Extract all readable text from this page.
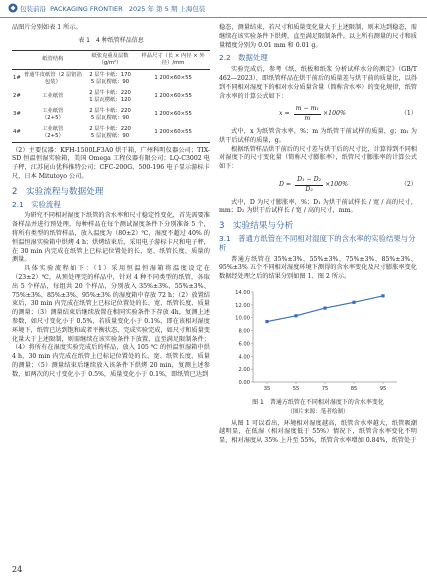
包装前沿 PACKAGING FRONTIER 2025 年 第 5 期 上海包装

品图片分别如表 1 所示。

表 1　4 种纸管样品信息
	纸管结构	纸张克重及层数（g/m²）	样品尺寸（长 × 内径 × 外径）/mm
1#	普通牛皮纸管（2 层铝箔包装）	2 层牛卡纸：170
5 层瓦楞纸：90	1 200×60×55
2#	工业纸管	2 层牛卡纸：220
1 层瓦楞纸：120	1 200×60×55
3#	工业纸管
（2+5）	2 层牛卡纸：220
5 层瓦楞纸：90	1 200×60×55
4#	工业纸管
（2+5）	2 层牛卡纸：220
5 层瓦楞纸：90	1 200×60×55

（2）主要仪器：KFH-1500LF3A0 烘干箱，广州科明仪器公司；TIX-SD 恒温恒湿实验箱，美国 Omega 工程仪器有限公司；LQ-C3002 电子秤，江苏昆山优科推特公司；CFC-200G、500-196 电子显示游标卡尺，日本 Mitutoyo 公司。

2　实验流程与数据处理
2.1　实验流程

为研究不同相对湿度下纸管的含水率和尺寸稳定性变化，首先需要准备样品并进行预处理，每种样品在每个测试湿度条件下分别准备 5 个，将所有类型的纸管样品，放入温度为（80±2）℃，湿度不超过 40% 的恒温恒湿实验箱中烘烤 4 h；烘烤结束后，采用电子游标卡尺和电子秤，在 30 min 内完成在纸管上已标记位置处的长、宽、纸管长度、质量的测量。

具体实验流程如下：（1）采用恒温恒湿箱将温度设定在（23±2）℃，从预处理完的样品中，针对 4 种不同类型的纸管，各取出 5 个样品，每组共 20 个样品，分别放入 35%±3%、55%±3%、75%±3%、85%±3%、95%±3% 的湿度箱中存放 72 h；（2）放置结束后，30 min 内完成在纸管上已标记位置处的长、宽、纸管长度、质量的测量；（3）测量结束后继续放置在相同实验条件下存放 4h，复测上述参数，如尺寸变化小于 0.5%，若质量变化小于 0.1%，即在该相对湿度环境下，纸管已达到饱和或者平衡状态，完成实验完成，如尺寸和质量变化量大于上述限制，则需继续在该实验条件下放置，直至满足限制条件；（4）将所有在湿度实验完成后的样品，放入 105 ℃ 的恒温恒湿箱中烘 4 h，30 min 内完成在纸管上已标记位置处的长、宽、纸管长度、质量的测量；（5）测量结束后继续放入该条件下烘烤 20 min，复测上述参数，如两次的尺寸变化小于 0.5%，质量变化小于 0.1%，即纸管已达到

稳态，测量结束，若尺寸和质量变化量大于上述限制，则未达到稳态，需继续在该实验条件下烘烤，直至满足限制条件。以上所有测量的尺寸和质量精度分别为 0.01 mm 和 0.01 g。

2.2　数据处理

实验完成后，参考《纸、纸板和纸浆 分析试样水分的测定》（GB/T 462—2023），即纸管样品在烘干前后的质量差与烘干前的质量比，以得到不同相对湿度下的相对水分质量含量（简称含水率）的变化规律，纸管含水率的计算公式如下：

$x = \frac{\text{m − m₁}}{m} \times 100\%$	（1）

式中，x 为纸管含水率，%；m 为纸管干前试样的质量，g；m₁ 为烘干后试样的质量，g。

根据纸管样品烘干前后的尺寸差与烘干后的尺寸比，计算得到不同相对湿度下的尺寸变化量（简称尺寸膨胀率），纸管尺寸膨胀率的计算公式如下：

$D = \frac{\text{D₁ − D₂}}{\text{D₂}} \times 100\%$	（2）

式中，D 为尺寸膨胀率，%；D₁ 为烘干前试样长 / 宽 / 高的尺寸，mm；D₂ 为烘干后试样长 / 宽 / 高的尺寸，mm。

3　实验结果与分析
3.1　普通方纸管在不同相对湿度下的含水率的实验结果与分析

普通方纸管在 35%±3%、55%±3%、75%±3%、85%±3%、95%±3% 五个不同相对湿度环境下测得的含水率变化及尺寸膨胀率变化数据经处理之后的结果分别如图 1、图 2 所示。

0.00
2.00
4.00
6.00
8.00
10.00
12.00
14.00
35	55	75	85	95
图 1　普通方纸管在不同相对湿度下的含水率变化
（图片来源：笔者绘制）

从图 1 可以看出，环境相对湿度越高，纸管含水率越大，纸管吸潮越明显，在低湿（相对湿度低于 55%）情况下，纸管含水率变化不明显，相对湿度从 35% 上升至 55%，纸管含水率增加 0.84%，纸管处于

24
